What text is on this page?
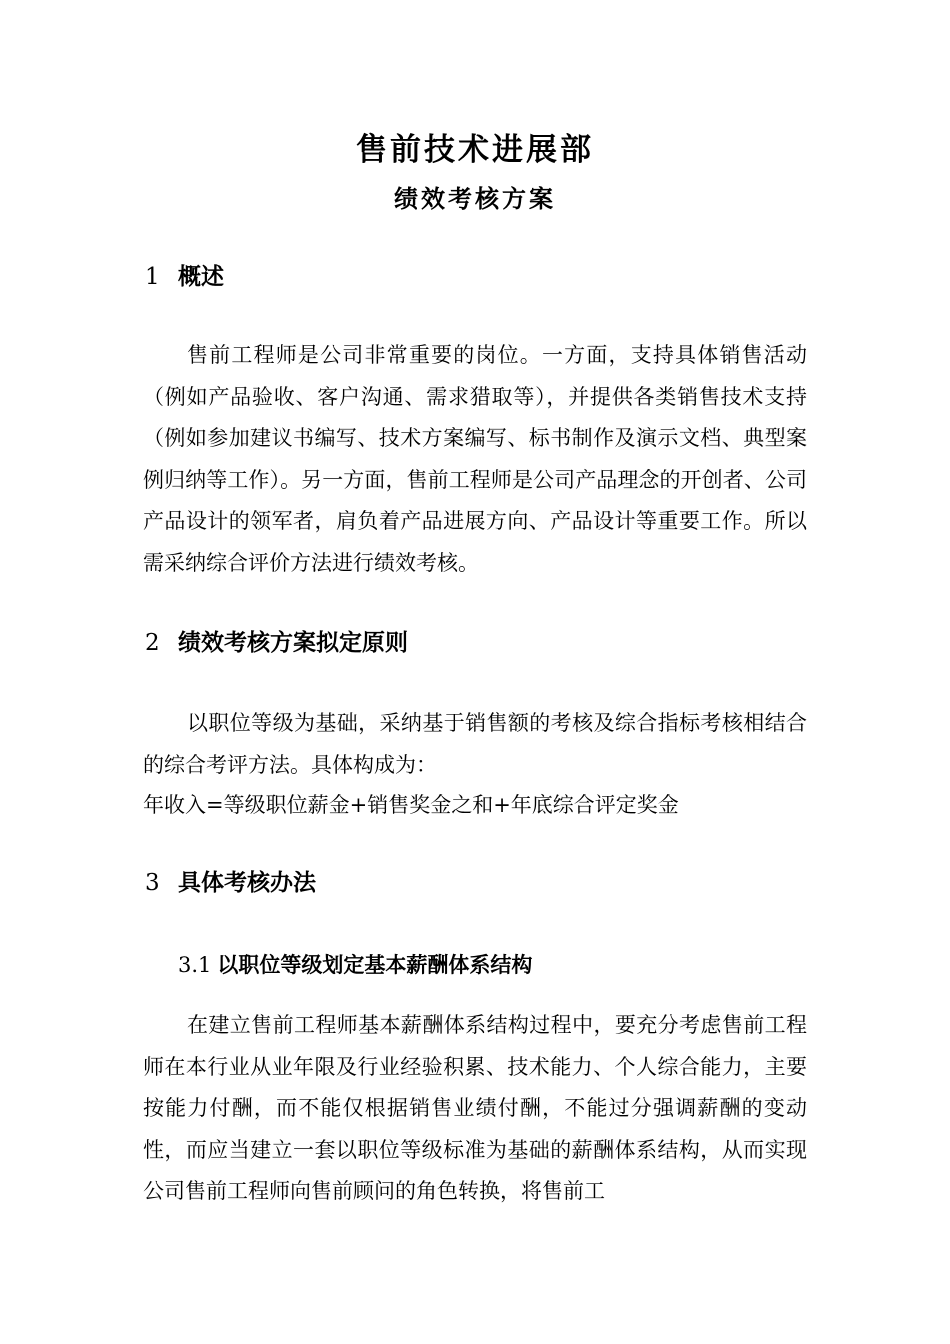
售前技术进展部
绩效考核方案
1 概述

售前工程师是公司非常重要的岗位。一方面，支持具体销售活动（例如产品验收、客户沟通、需求猎取等），并提供各类销售技术支持（例如参加建议书编写、技术方案编写、标书制作及演示文档、典型案例归纳等工作）。另一方面，售前工程师是公司产品理念的开创者、公司产品设计的领军者，肩负着产品进展方向、产品设计等重要工作。所以需采纳综合评价方法进行绩效考核。

2 绩效考核方案拟定原则

以职位等级为基础，采纳基于销售额的考核及综合指标考核相结合的综合考评方法。具体构成为：

年收入=等级职位薪金+销售奖金之和+年底综合评定奖金
3 具体考核办法
3.1 以职位等级划定基本薪酬体系结构

在建立售前工程师基本薪酬体系结构过程中，要充分考虑售前工程师在本行业从业年限及行业经验积累、技术能力、个人综合能力，主要按能力付酬，而不能仅根据销售业绩付酬，不能过分强调薪酬的变动性，而应当建立一套以职位等级标准为基础的薪酬体系结构，从而实现公司售前工程师向售前顾问的角色转换，将售前工
